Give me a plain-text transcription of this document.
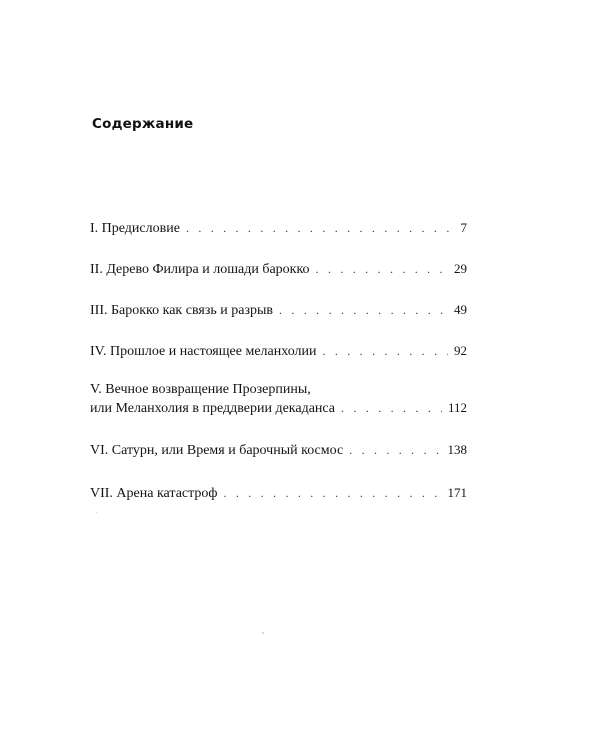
Содержание
I. Предисловие . . .	7
II. Дерево Филира и лошади барокко . . .	29
III. Барокко как связь и разрыв . . .	49
IV. Прошлое и настоящее меланхолии . . .	92
V. Вечное возвращение Прозерпины,
или Меланхолия в преддверии декаданса . . .	112
VI. Сатурн, или Время и барочный космос . . .	138
VII. Арена катастроф . . .	171
